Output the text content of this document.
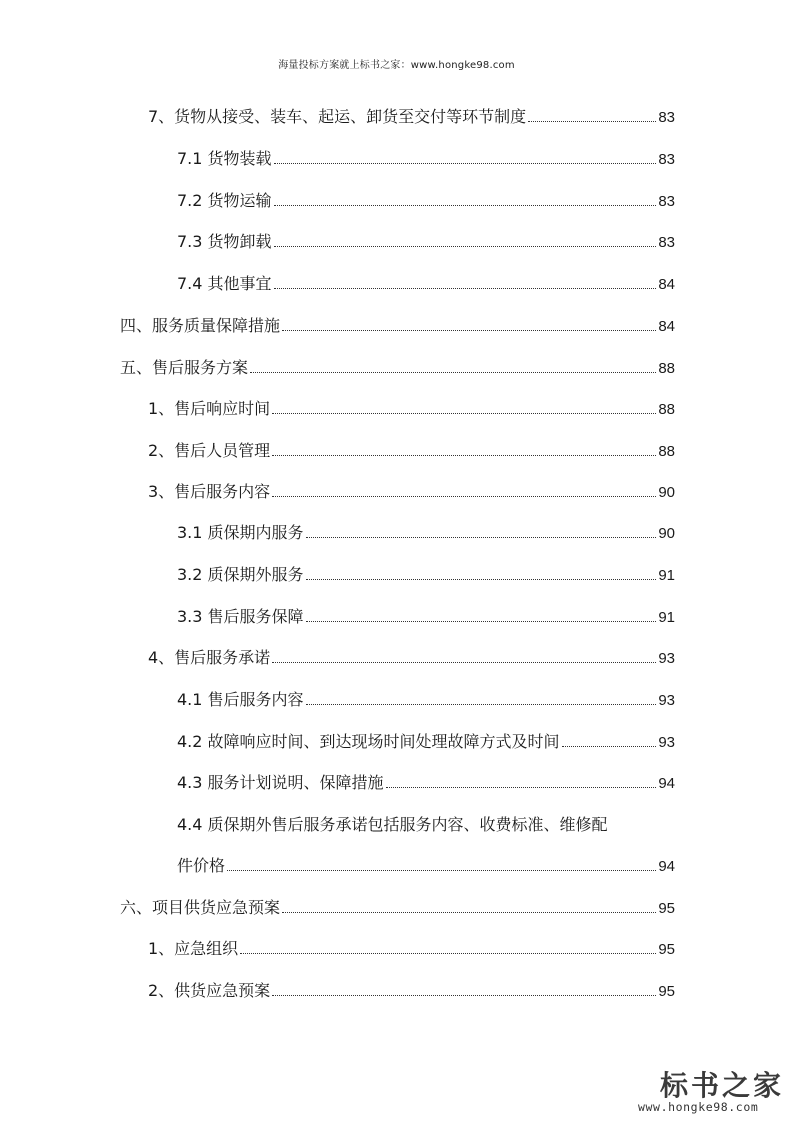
海量投标方案就上标书之家：www.hongke98.com
7、货物从接受、装车、起运、卸货至交付等环节制度	83
7.1 货物装载	83
7.2 货物运输	83
7.3 货物卸载	83
7.4 其他事宜	84
四、服务质量保障措施	84
五、售后服务方案	88
1、售后响应时间	88
2、售后人员管理	88
3、售后服务内容	90
3.1 质保期内服务	90
3.2 质保期外服务	91
3.3 售后服务保障	91
4、售后服务承诺	93
4.1 售后服务内容	93
4.2 故障响应时间、到达现场时间处理故障方式及时间	93
4.3 服务计划说明、保障措施	94
4.4 质保期外售后服务承诺包括服务内容、收费标准、维修配
件价格	94
六、项目供货应急预案	95
1、应急组织	95
2、供货应急预案	95
标书之家
www.hongke98.com
